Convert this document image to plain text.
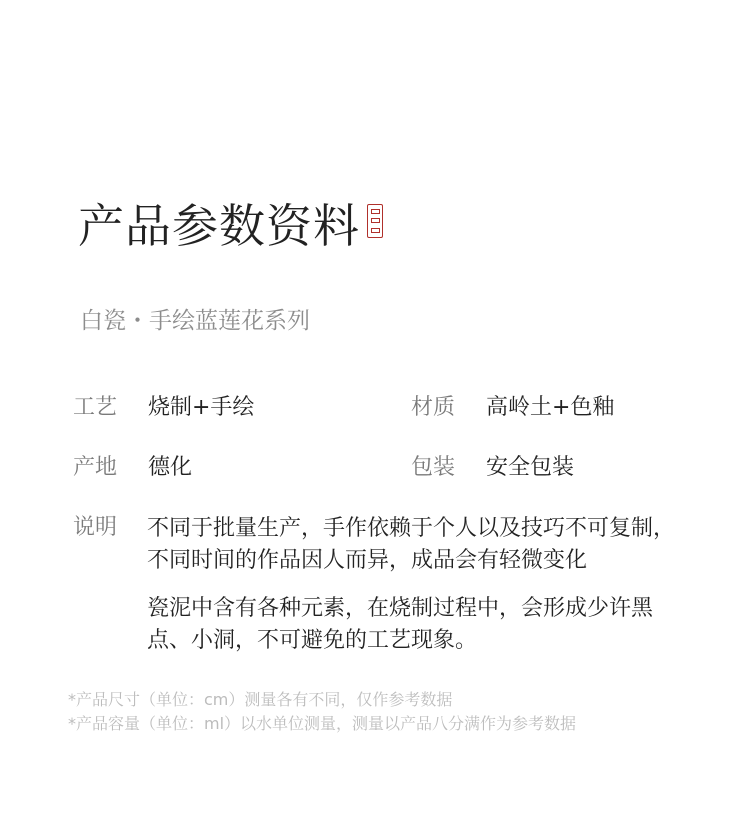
产品参数资料
白瓷・手绘蓝莲花系列
工艺 烧制+手绘	材质 高岭土+色釉
产地 德化	包装 安全包装
说明 不同于批量生产，手作依赖于个人以及技巧不可复制，不同时间的作品因人而异，成品会有轻微变化
瓷泥中含有各种元素，在烧制过程中，会形成少许黑点、小洞，不可避免的工艺现象。
*产品尺寸（单位：cm）测量各有不同，仅作参考数据
*产品容量（单位：ml）以水单位测量，测量以产品八分满作为参考数据
